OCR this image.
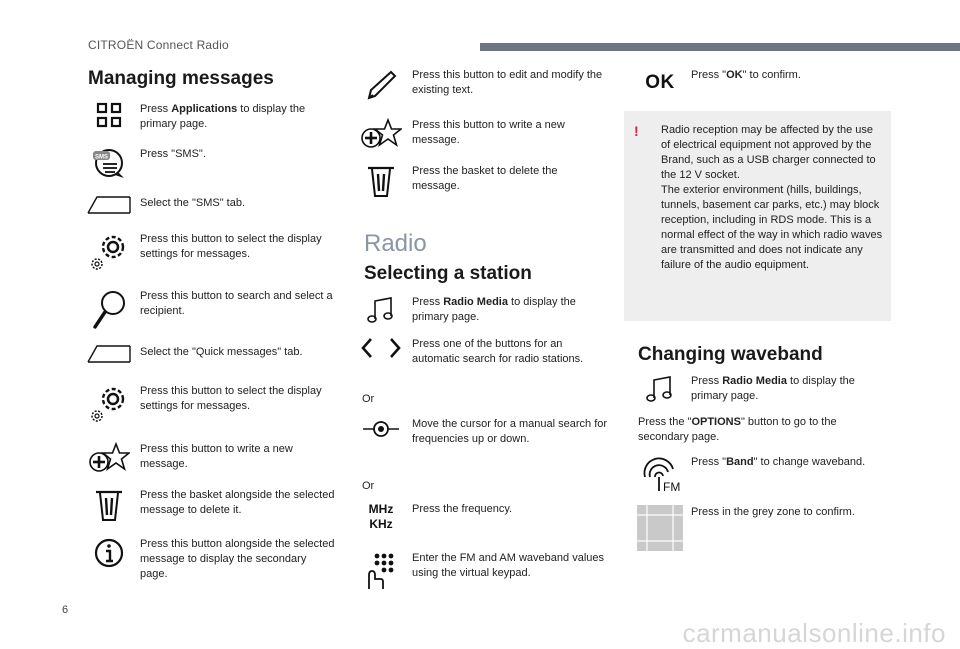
CITROËN Connect Radio
Managing messages
Press Applications to display the primary page.
SMS	Press "SMS".
Select the "SMS" tab.
Press this button to select the display settings for messages.
Press this button to search and select a recipient.
Select the "Quick messages" tab.
Press this button to select the display settings for messages.
Press this button to write a new message.
Press the basket alongside the selected message to delete it.
Press this button alongside the selected message to display the secondary page.
Press this button to edit and modify the existing text.
Press this button to write a new message.
Press the basket to delete the message.
Radio
Selecting a station
Press Radio Media to display the primary page.
Press one of the buttons for an automatic search for radio stations.
Or
Move the cursor for a manual search for frequencies up or down.
Or
MHz
KHz
Press the frequency.
Enter the FM and AM waveband values using the virtual keypad.
OK Press "OK" to confirm.
! Radio reception may be affected by the use of electrical equipment not approved by the Brand, such as a USB charger connected to the 12 V socket.
The exterior environment (hills, buildings, tunnels, basement car parks, etc.) may block reception, including in RDS mode. This is a normal effect of the way in which radio waves are transmitted and does not indicate any failure of the audio equipment.
Changing waveband
Press Radio Media to display the primary page.
Press the "OPTIONS" button to go to the secondary page.
FM
Press "Band" to change waveband.
Press in the grey zone to confirm.
6
carmanualsonline.info
